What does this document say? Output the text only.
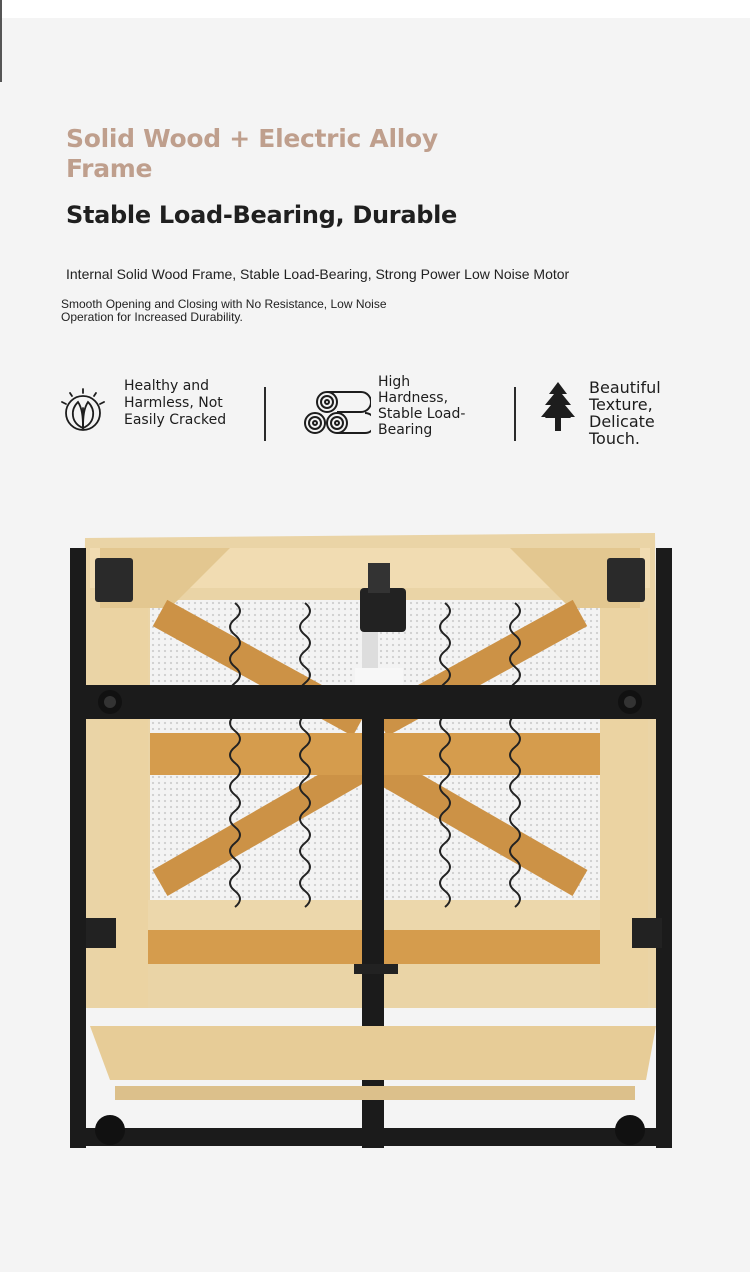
Solid Wood + Electric Alloy Frame
Stable Load-Bearing, Durable

Internal Solid Wood Frame, Stable Load-Bearing, Strong Power Low Noise Motor

Smooth Opening and Closing with No Resistance, Low Noise Operation for Increased Durability.

Healthy and Harmless, Not Easily Cracked

High Hardness, Stable Load-Bearing

Beautiful Texture, Delicate Touch.
